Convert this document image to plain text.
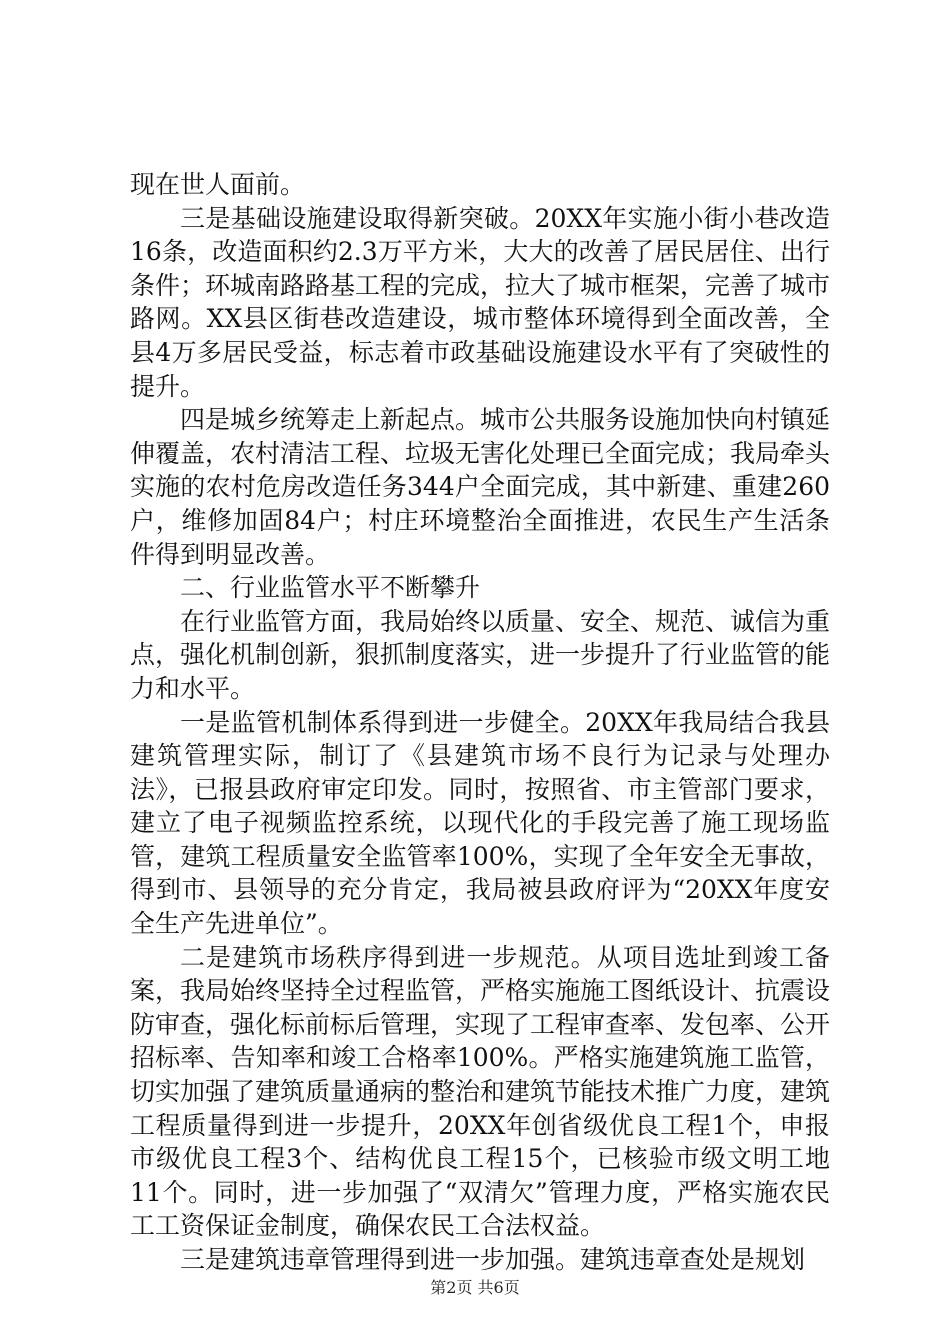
现在世人面前。

三是基础设施建设取得新突破。20XX年实施小街小巷改造16条，改造面积约2.3万平方米，大大的改善了居民居住、出行条件；环城南路路基工程的完成，拉大了城市框架，完善了城市路网。XX县区街巷改造建设，城市整体环境得到全面改善，全县4万多居民受益，标志着市政基础设施建设水平有了突破性的提升。

四是城乡统筹走上新起点。城市公共服务设施加快向村镇延伸覆盖，农村清洁工程、垃圾无害化处理已全面完成；我局牵头实施的农村危房改造任务344户全面完成，其中新建、重建260户，维修加固84户；村庄环境整治全面推进，农民生产生活条件得到明显改善。

二、行业监管水平不断攀升

在行业监管方面，我局始终以质量、安全、规范、诚信为重点，强化机制创新，狠抓制度落实，进一步提升了行业监管的能力和水平。

一是监管机制体系得到进一步健全。20XX年我局结合我县建筑管理实际，制订了《县建筑市场不良行为记录与处理办法》，已报县政府审定印发。同时，按照省、市主管部门要求，建立了电子视频监控系统，以现代化的手段完善了施工现场监管，建筑工程质量安全监管率100%，实现了全年安全无事故，得到市、县领导的充分肯定，我局被县政府评为“20XX年度安全生产先进单位”。

二是建筑市场秩序得到进一步规范。从项目选址到竣工备案，我局始终坚持全过程监管，严格实施施工图纸设计、抗震设防审查，强化标前标后管理，实现了工程审查率、发包率、公开招标率、告知率和竣工合格率100%。严格实施建筑施工监管，切实加强了建筑质量通病的整治和建筑节能技术推广力度，建筑工程质量得到进一步提升，20XX年创省级优良工程1个，申报市级优良工程3个、结构优良工程15个，已核验市级文明工地11个。同时，进一步加强了“双清欠”管理力度，严格实施农民工工资保证金制度，确保农民工合法权益。

三是建筑违章管理得到进一步加强。建筑违章查处是规划

第2页 共6页
